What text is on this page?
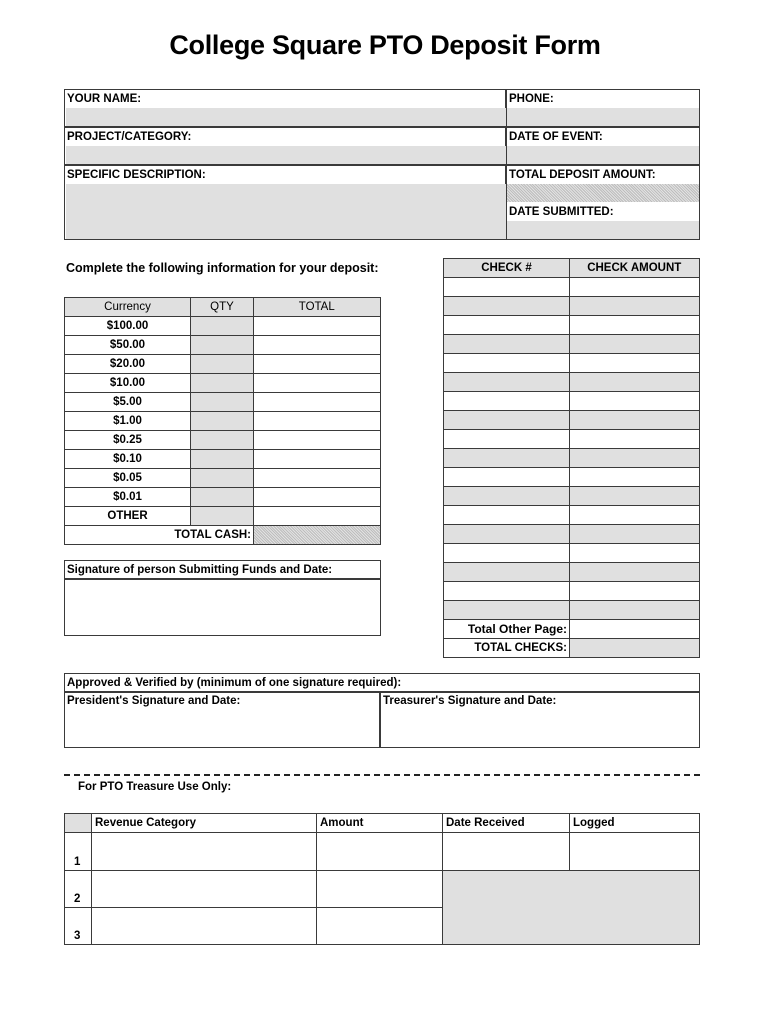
College Square PTO Deposit Form
YOUR NAME:	PHONE:
PROJECT/CATEGORY:	DATE OF EVENT:
SPECIFIC DESCRIPTION:	TOTAL DEPOSIT AMOUNT:
DATE SUBMITTED:
Complete the following information for your deposit:
Currency	QTY	TOTAL
$100.00
$50.00
$20.00
$10.00
$5.00
$1.00
$0.25
$0.10
$0.05
$0.01
OTHER
TOTAL CASH:
Signature of person Submitting Funds and Date:
CHECK #	CHECK AMOUNT
Total Other Page:
TOTAL CHECKS:
Approved & Verified by (minimum of one signature required):
President's Signature and Date:	Treasurer's Signature and Date:
For PTO Treasure Use Only:
Revenue Category	Amount	Date Received	Logged
1
2
3
